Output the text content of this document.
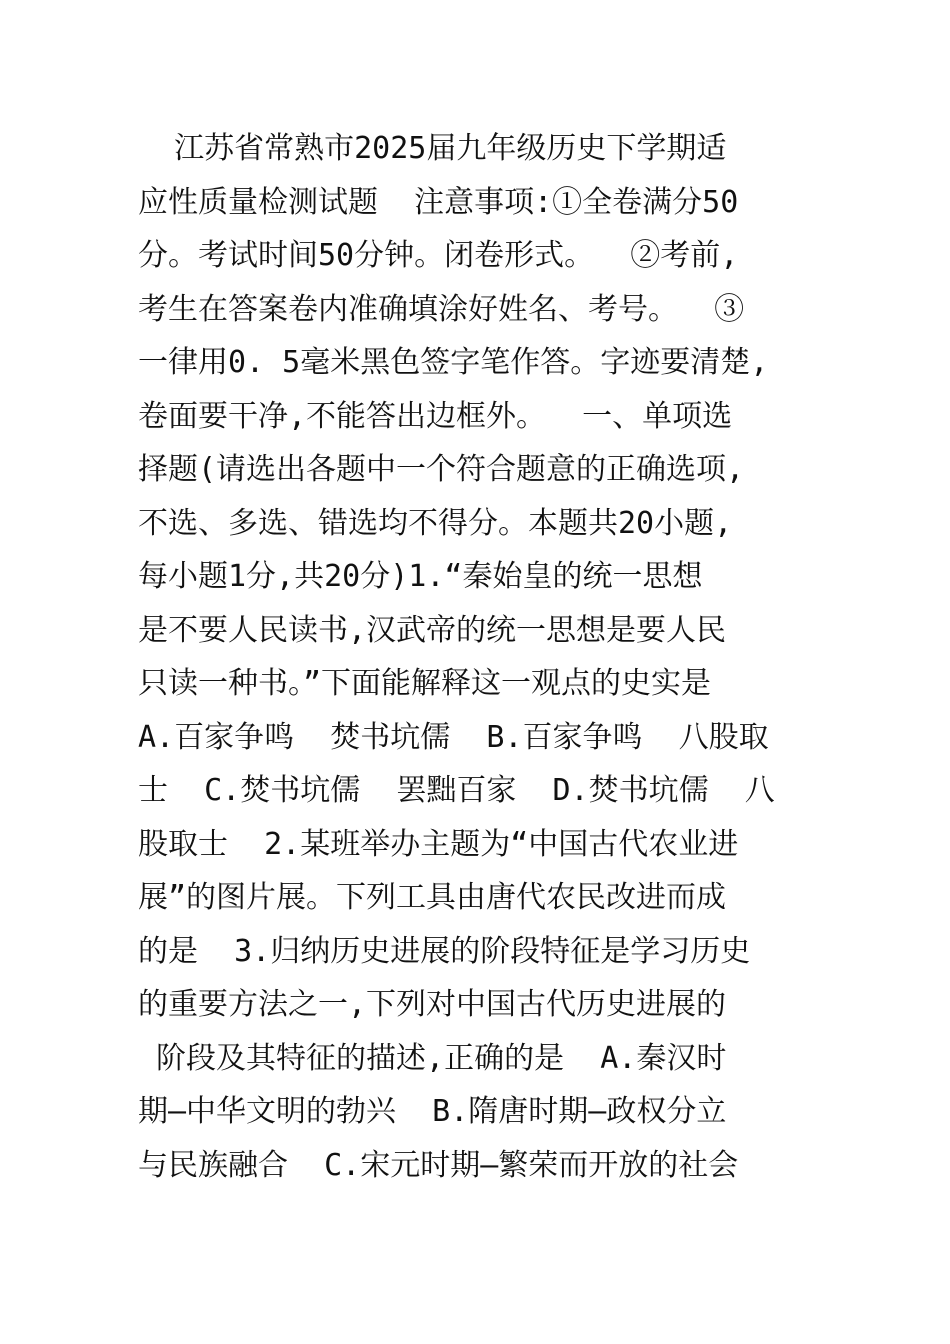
江苏省常熟市2025届九年级历史下学期适
应性质量检测试题  注意事项:①全卷满分50
分。考试时间50分钟。闭卷形式。  ②考前,
考生在答案卷内准确填涂好姓名、考号。  ③
一律用0. 5毫米黑色签字笔作答。字迹要清楚,
卷面要干净,不能答出边框外。  一、单项选
择题(请选出各题中一个符合题意的正确选项,
不选、多选、错选均不得分。本题共20小题,
每小题1分,共20分)1.“秦始皇的统一思想
是不要人民读书,汉武帝的统一思想是要人民
只读一种书。”下面能解释这一观点的史实是
A.百家争鸣  焚书坑儒  B.百家争鸣  八股取
士  C.焚书坑儒  罢黜百家  D.焚书坑儒  八
股取士  2.某班举办主题为“中国古代农业进
展”的图片展。下列工具由唐代农民改进而成
的是  3.归纳历史进展的阶段特征是学习历史
的重要方法之一,下列对中国古代历史进展的
阶段及其特征的描述,正确的是  A.秦汉时
期—中华文明的勃兴  B.隋唐时期—政权分立
与民族融合  C.宋元时期—繁荣而开放的社会
